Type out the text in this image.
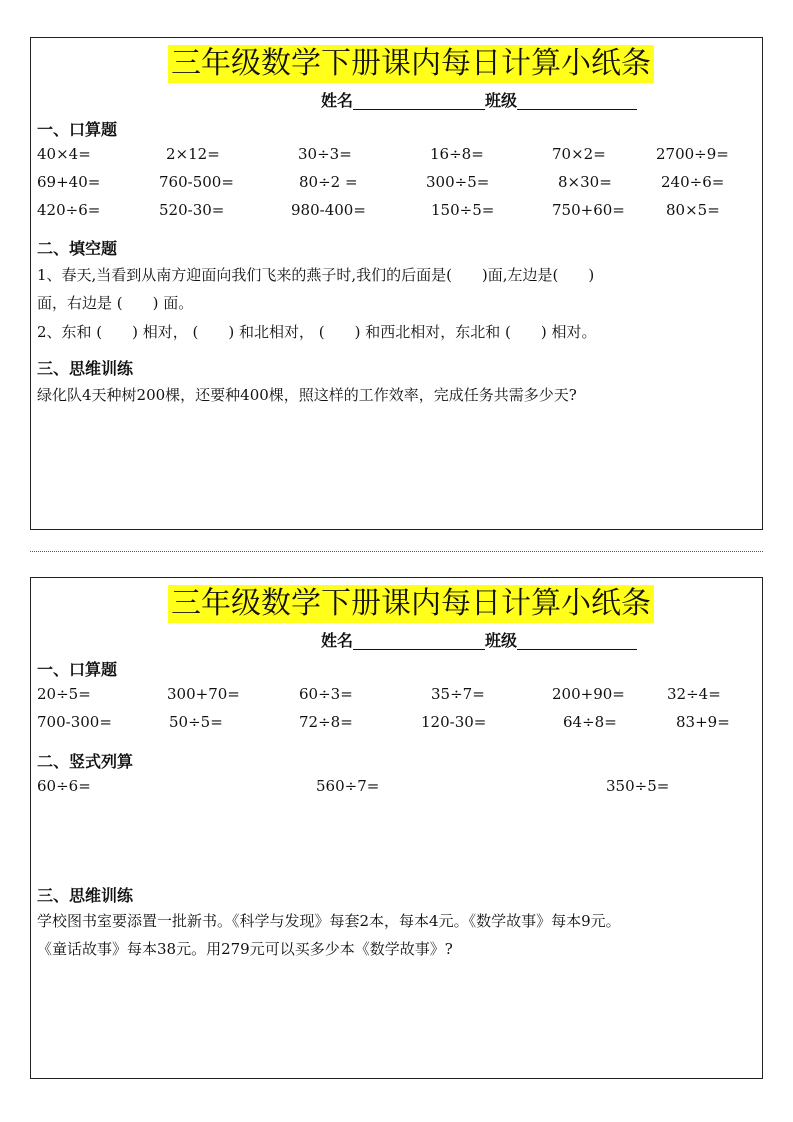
三年级数学下册课内每日计算小纸条
姓名	班级
一、口算题
40×4=	2×12=	30÷3=	16÷8=	70×2=	2700÷9=
69+40=	760-500=	80÷2 =	300÷5=	8×30=	240÷6=
420÷6=	520-30=	980-400=	150÷5=	750+60=	80×5=
二、填空题
1、春天,当看到从南方迎面向我们飞来的燕子时,我们的后面是(　　)面,左边是(　　)
面，右边是 (　　) 面。
2、东和 (　　) 相对， (　　) 和北相对， (　　) 和西北相对，东北和 (　　) 相对。
三、思维训练
绿化队4天种树200棵，还要种400棵，照这样的工作效率，完成任务共需多少天?
三年级数学下册课内每日计算小纸条
姓名	班级
一、口算题
20÷5=	300+70=	60÷3=	35÷7=	200+90=	32÷4=
700-300=	50÷5=	72÷8=	120-30=	64÷8=	83+9=
二、竖式列算
60÷6=	560÷7=	350÷5=
三、思维训练
学校图书室要添置一批新书。《科学与发现》每套2本，每本4元。《数学故事》每本9元。
《童话故事》每本38元。用279元可以买多少本《数学故事》?
